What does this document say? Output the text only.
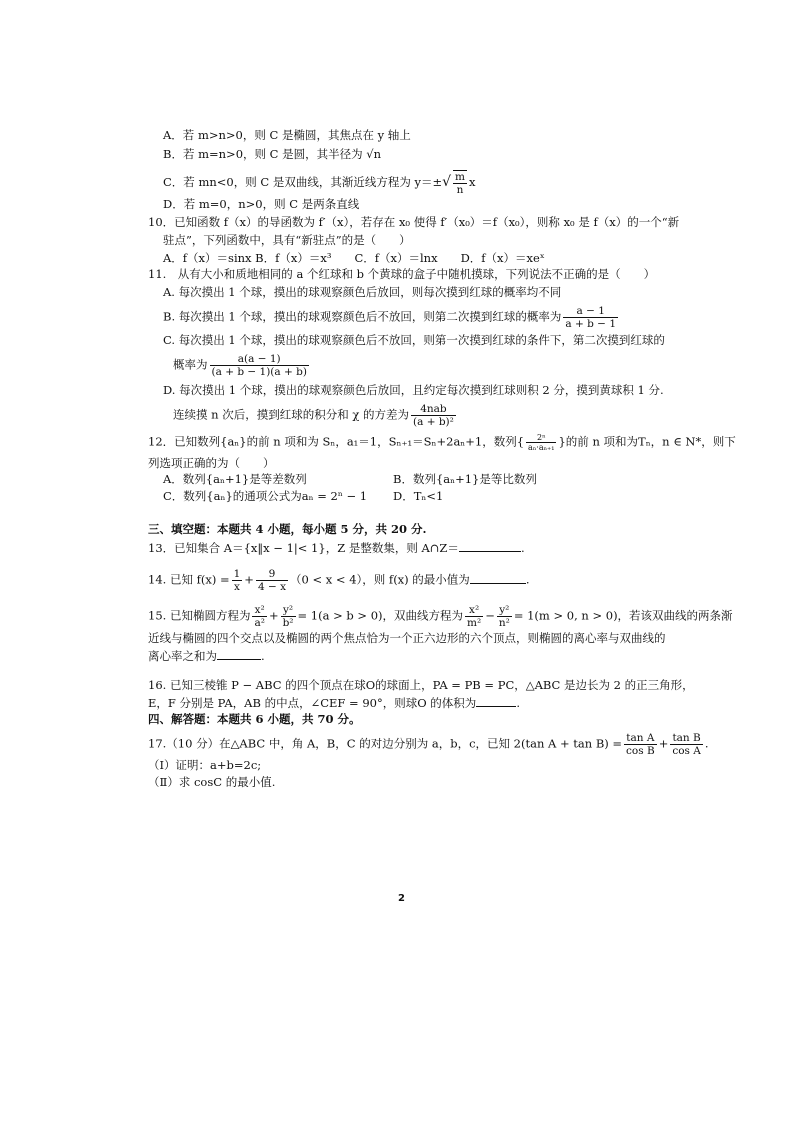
A．若 m>n>0，则 C 是椭圆，其焦点在 y 轴上
B．若 m=n>0，则 C 是圆，其半径为 √n
C．若 mn<0，则 C 是双曲线，其渐近线方程为 $y=\pm√ \frac{m}{n}$ x
D．若 m=0，n>0，则 C 是两条直线
10．已知函数 f（x）的导函数为 f′（x），若存在 x₀ 使得 f′（x₀）＝f（x₀），则称 x₀ 是 f（x）的一个“新
驻点”，下列函数中，具有“新驻点”的是（　　）
A．f（x）＝sinx B．f（x）＝x³　　C．f（x）＝lnx　　D．f（x）＝xeˣ
11.　从有大小和质地相同的 a 个红球和 b 个黄球的盒子中随机摸球，下列说法不正确的是（　　）
A. 每次摸出 1 个球，摸出的球观察颜色后放回，则每次摸到红球的概率均不同
B. 每次摸出 1 个球，摸出的球观察颜色后不放回，则第二次摸到红球的概率为 $\frac{a - 1}{a + b - 1}$
C. 每次摸出 1 个球，摸出的球观察颜色后不放回，则第一次摸到红球的条件下，第二次摸到红球的
概率为 $\frac{a(a - 1)}{(a + b - 1)(a + b)}$
D. 每次摸出 1 个球，摸出的球观察颜色后放回，且约定每次摸到红球则积 2 分，摸到黄球积 1 分.
连续摸 n 次后，摸到红球的积分和 χ 的方差为 $\frac{\text{4nab}}{\text{(a + b)²}}$
12．已知数列{aₙ}的前 n 项和为 Sₙ，a₁＝1，Sₙ₊₁＝Sₙ+2aₙ+1，数列{ $\frac{\text{2ⁿ}}{\text{aₙ·aₙ₊₁}}$ }的前 n 项和为Tₙ，n ∈ N*，则下
列选项正确的为（　　）
A．数列{aₙ+1}是等差数列	B．数列{aₙ+1}是等比数列
C．数列{aₙ}的通项公式为aₙ = 2ⁿ − 1 D．Tₙ<1
三、填空题：本题共 4 小题，每小题 5 分，共 20 分.
13．已知集合 A＝{x‖x − 1|< 1}，Z 是整数集，则 A∩Z＝	.
14. 已知 $f(x) = \frac{1}{x} + \frac{9}{4 - x} (0 < x < 4)$，则 f(x) 的最小值为	.
15. 已知椭圆方程为 $\frac{\text{x²}}{\text{a²}} + \frac{\text{y²}}{\text{b²}} = 1(a > b > 0)$，双曲线方程为 $\frac{\text{x²}}{\text{m²}} - \frac{\text{y²}}{\text{n²}} = 1(m > 0$, n > 0)，若该双曲线的两条渐
近线与椭圆的四个交点以及椭圆的两个焦点恰为一个正六边形的六个顶点，则椭圆的离心率与双曲线的
离心率之和为	.
16. 已知三棱锥 P − ABC 的四个顶点在球O的球面上，PA = PB = PC，△ABC 是边长为 2 的正三角形，
E，F 分别是 PA，AB 的中点，∠CEF = 90°，则球O 的体积为	.
四、解答题：本题共 6 小题，共 70 分。
17.（10 分）在△ABC 中，角 A，B，C 的对边分别为 a，b，c，已知 2(tan $A + \tan B) = \frac{\text{tan A}}{\text{cos B}} + \frac{\text{tan B}}{\text{cos A}}$ .
（Ⅰ）证明：a+b=2c;
（Ⅱ）求 cosC 的最小值.
2
